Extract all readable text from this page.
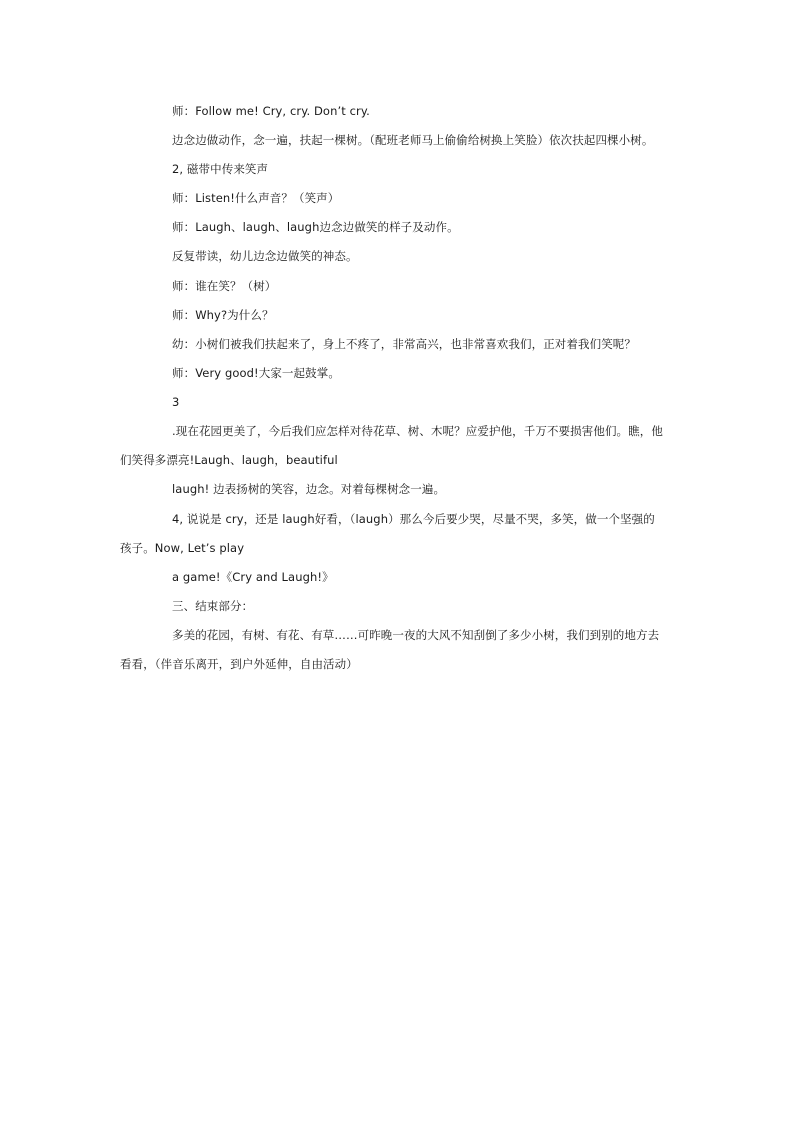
师：Follow me! Cry, cry. Don’t cry.
边念边做动作，念一遍，扶起一棵树。（配班老师马上偷偷给树换上笑脸）依次扶起四棵小树。
2, 磁带中传来笑声
师：Listen!什么声音？（笑声）
师：Laugh、laugh、laugh边念边做笑的样子及动作。
反复带读，幼儿边念边做笑的神态。
师：谁在笑？（树）
师：Why?为什么？
幼：小树们被我们扶起来了，身上不疼了，非常高兴，也非常喜欢我们，正对着我们笑呢？
师：Very good!大家一起鼓掌。
3
.现在花园更美了，今后我们应怎样对待花草、树、木呢？应爱护他，千万不要损害他们。瞧，他
们笑得多漂亮!Laugh、laugh，beautiful
laugh! 边表扬树的笑容，边念。对着每棵树念一遍。
4, 说说是 cry，还是 laugh好看，（laugh）那么今后要少哭，尽量不哭，多笑，做一个坚强的
孩子。Now, Let’s play
a game!《Cry and Laugh!》
三、结束部分：
多美的花园，有树、有花、有草……可昨晚一夜的大风不知刮倒了多少小树，我们到别的地方去
看看，（伴音乐离开，到户外延伸，自由活动）
